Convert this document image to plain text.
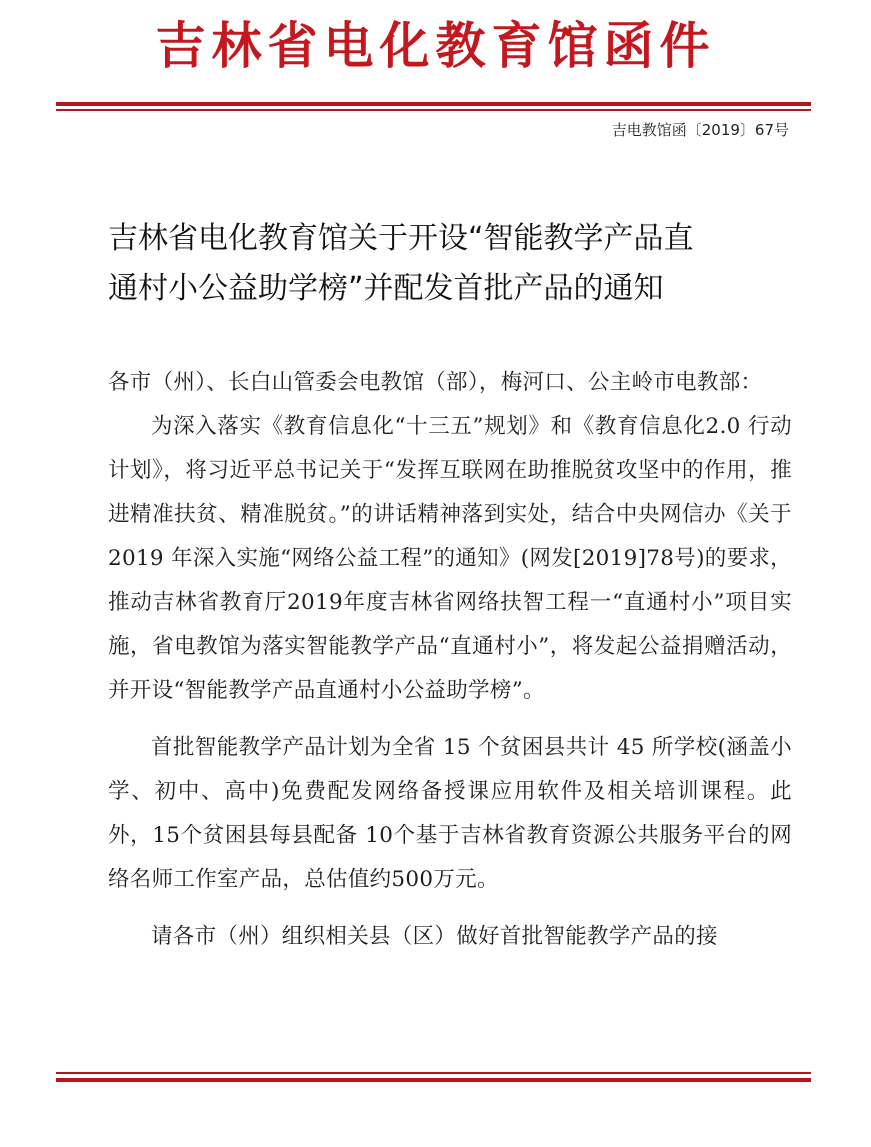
吉林省电化教育馆函件
吉电教馆函〔2019〕67号
吉林省电化教育馆关于开设“智能教学产品直
通村小公益助学榜”并配发首批产品的通知

各市（州）、长白山管委会电教馆（部），梅河口、公主岭市电教部：

为深入落实《教育信息化“十三五”规划》和《教育信息化2.0 行动计划》，将习近平总书记关于“发挥互联网在助推脱贫攻坚中的作用，推进精准扶贫、精准脱贫。”的讲话精神落到实处，结合中央网信办《关于 2019 年深入实施“网络公益工程”的通知》(网发[2019]78号)的要求，推动吉林省教育厅2019年度吉林省网络扶智工程一“直通村小”项目实施，省电教馆为落实智能教学产品“直通村小”，将发起公益捐赠活动，并开设“智能教学产品直通村小公益助学榜”。

首批智能教学产品计划为全省 15 个贫困县共计 45 所学校(涵盖小学、初中、高中)免费配发网络备授课应用软件及相关培训课程。此外，15个贫困县每县配备 10个基于吉林省教育资源公共服务平台的网络名师工作室产品，总估值约500万元。

请各市（州）组织相关县（区）做好首批智能教学产品的接
